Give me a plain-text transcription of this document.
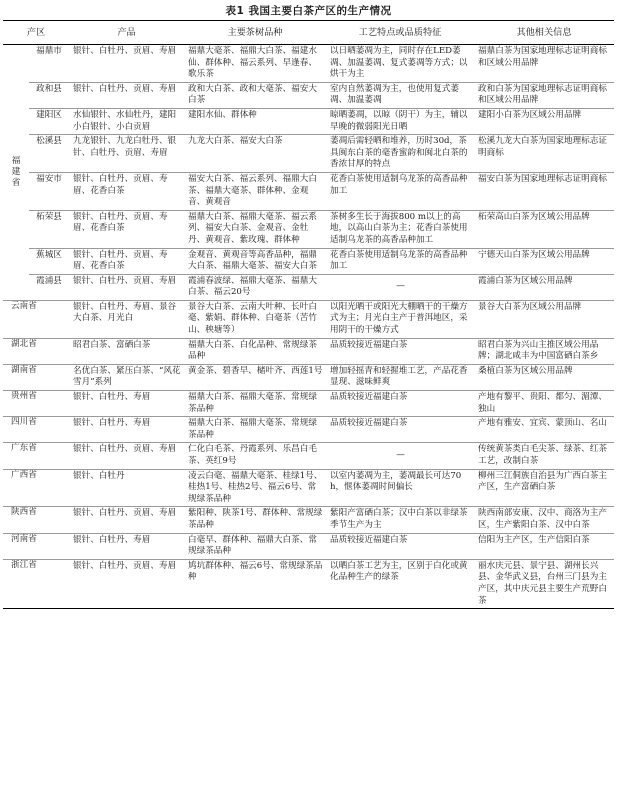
表1 我国主要白茶产区的生产情况
产区		产品	主要茶树品种	工艺特点或品质特征	其他相关信息
福建省	福鼎市	银针、白牡丹、贡眉、寿眉	福鼎大毫茶、福鼎大白茶、福建水仙、群体种、福云系列、早逢春、歌乐茶	以日晒萎凋为主，同时存在LED萎凋、加温萎凋、复式萎凋等方式；以烘干为主	福鼎白茶为国家地理标志证明商标和区域公用品牌
	政和县	银针、白牡丹、贡眉、寿眉	政和大白茶、政和大毫茶、福安大白茶	室内自然萎凋为主，也使用复式萎凋、加温萎凋	政和白茶为国家地理标志证明商标和区域公用品牌
	建阳区	水仙银针、水仙牡丹，建阳小白银针、小白贡眉	建阳水仙、群体种	晾晒萎凋，以晾（阴干）为主，辅以早晚的微弱阳光日晒	建阳小白茶为区域公用品牌
	松溪县	九龙银针、九龙白牡丹、银针、白牡丹、贡眉、寿眉	九龙大白茶、福安大白茶	萎凋后需轻晒和堆养，历时30d，茶具闽东白茶的毫香蜜韵和闽北白茶的香浓甘厚的特点	松溪九龙大白茶为国家地理标志证明商标
	福安市	银针、白牡丹、贡眉、寿眉、花香白茶	福安大白茶、福云系列、福鼎大白茶、福鼎大毫茶、群体种、金观音、黄观音	花香白茶使用适制乌龙茶的高香品种加工	福安白茶为国家地理标志证明商标
	柘荣县	银针、白牡丹、贡眉、寿眉、花香白茶	福鼎大白茶、福鼎大毫茶、福云系列、福安大白茶、金观音、金牡丹、黄观音、紫玫瑰、群体种	茶树多生长于海拔800 m以上的高地，以高山白茶为主；花香白茶使用适制乌龙茶的高香品种加工	柘荣高山白茶为区域公用品牌
	蕉城区	银针、白牡丹、贡眉、寿眉、花香白茶	金观音、黄观音等高香品种，福鼎大白茶、福鼎大毫茶、福安大白茶	花香白茶使用适制乌龙茶的高香品种加工	宁德天山白茶为区域公用品牌
	霞浦县	银针、白牡丹、贡眉、寿眉	霞浦春波绿、福鼎大毫茶、福鼎大白茶、福云20号	—	霞浦白茶为区域公用品牌
云南省		银针、白牡丹、寿眉、景谷大白茶、月光白	景谷大白茶、云南大叶种、长叶白毫、紫娟、群体种、白毫茶（苦竹山、秧塘等）	以阳光晒干或阳光大棚晒干的干燥方式为主；月光白主产于普洱地区，采用阴干的干燥方式	景谷大白茶为区域公用品牌
湖北省		昭君白茶、富硒白茶	福鼎大白茶、白化品种、常规绿茶品种	品质较接近福建白茶	昭君白茶为兴山主推区域公用品牌；湖北咸丰为中国富硒白茶乡
湖南省		名优白茶、紧压白茶、“风花雪月”系列	黄金茶、碧香早、槠叶齐、西莲1号	增加轻摇青和轻握堆工艺，产品花香显现、滋味鲜爽	桑植白茶为区域公用品牌
贵州省		银针、白牡丹、寿眉	福鼎大白茶、福鼎大毫茶、常规绿茶品种	品质较接近福建白茶	产地有黎平、贵阳、都匀、湄潭、独山
四川省		银针、白牡丹、寿眉	福鼎大白茶、福鼎大毫茶、常规绿茶品种	品质较接近福建白茶	产地有雅安、宜宾、蒙顶山、名山
广东省		银针、白牡丹、贡眉、寿眉	仁化白毛茶、丹霞系列、乐昌白毛茶、英红9号	—	传统黄茶类白毛尖茶、绿茶、红茶工艺，改制白茶
广西省		银针、白牡丹	凌云白毫、福鼎大毫茶、桂绿1号、桂热1号、桂热2号、福云6号、常规绿茶品种	以室内萎凋为主，萎凋最长可达70 h，惬体萎凋时间偏长	柳州三江侗族自治县为广西白茶主产区，生产富硒白茶
陕西省		银针、白牡丹、贡眉、寿眉	紫阳种、陕茶1号、群体种、常规绿茶品种	紫阳产富硒白茶；汉中白茶以非绿茶季节生产为主	陕西南部安康、汉中、商洛为主产区，生产紫阳白茶、汉中白茶
河南省		银针、白牡丹、寿眉	白毫早、群体种、福鼎大白茶、常规绿茶品种	品质较接近福建白茶	信阳为主产区，生产信阳白茶
浙江省		银针、白牡丹、贡眉、寿眉	鸠坑群体种、福云6号、常规绿茶品种	以晒白茶工艺为主，区别于白化或黄化品种生产的绿茶	丽水庆元县、景宁县、湖州长兴县、金华武义县，台州三门县为主产区，其中庆元县主要生产荒野白茶
